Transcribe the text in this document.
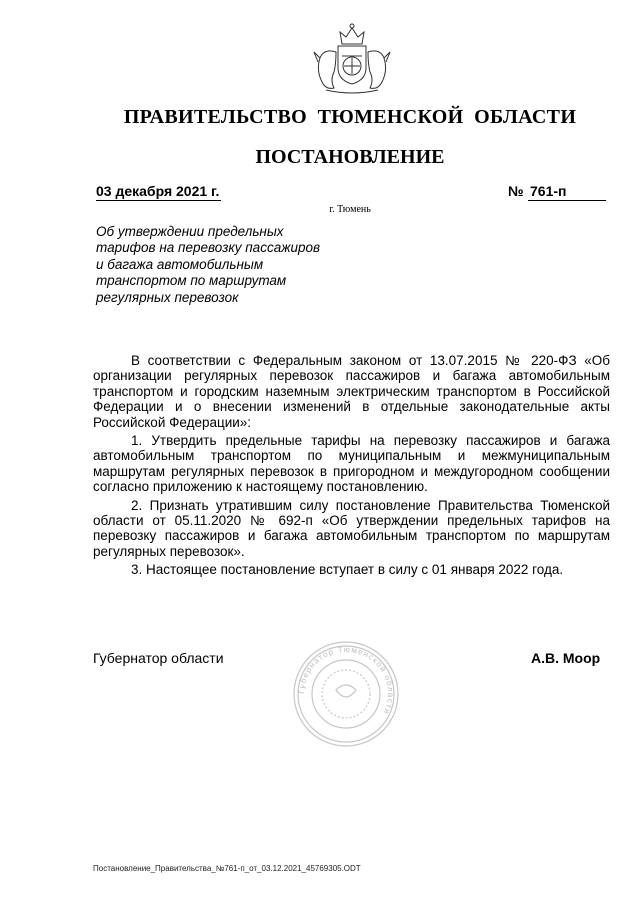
ПРАВИТЕЛЬСТВО  ТЮМЕНСКОЙ  ОБЛАСТИ
ПОСТАНОВЛЕНИЕ
03 декабря 2021 г.	№ 761-п
г. Тюмень
Об утверждении предельных
тарифов на перевозку пассажиров
и багажа автомобильным
транспортом по маршрутам
регулярных перевозок

В соответствии с Федеральным законом от 13.07.2015 № 220-ФЗ «Об организации регулярных перевозок пассажиров и багажа автомобильным транспортом и городским наземным электрическим транспортом в Российской Федерации и о внесении изменений в отдельные законодательные акты Российской Федерации»:

1. Утвердить предельные тарифы на перевозку пассажиров и багажа автомобильным транспортом по муниципальным и межмуниципальным маршрутам регулярных перевозок в пригородном и междугородном сообщении согласно приложению к настоящему постановлению.

2. Признать утратившим силу постановление Правительства Тюменской области от 05.11.2020 № 692-п «Об утверждении предельных тарифов на перевозку пассажиров и багажа автомобильным транспортом по маршрутам регулярных перевозок».

3. Настоящее постановление вступает в силу с 01 января 2022 года.

Губернатор области	А.В. Моор
Губернатор Тюменской области
Постановление_Правительства_№761-п_от_03.12.2021_45769305.ODT
